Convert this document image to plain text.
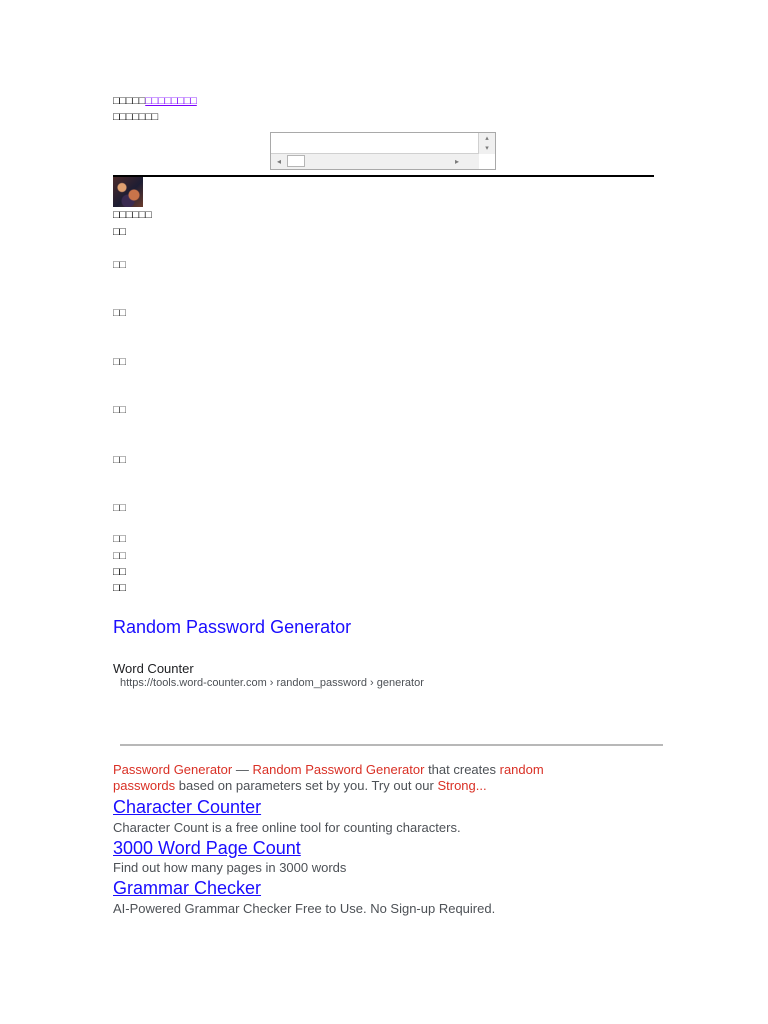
□□□□□□□□□□□□□
□□□□□□□
▴
▾
◂	▸
□□□□□□
□□
□□
□□
□□
□□
□□
□□
□□
□□
□□
□□
Random Password Generator
Word Counter
https://tools.word-counter.com › random_password › generator
Password Generator — Random Password Generator that creates random passwords based on parameters set by you. Try out our Strong...
Character Counter
Character Count is a free online tool for counting characters.
3000 Word Page Count
Find out how many pages in 3000 words
Grammar Checker
AI-Powered Grammar Checker Free to Use. No Sign-up Required.
